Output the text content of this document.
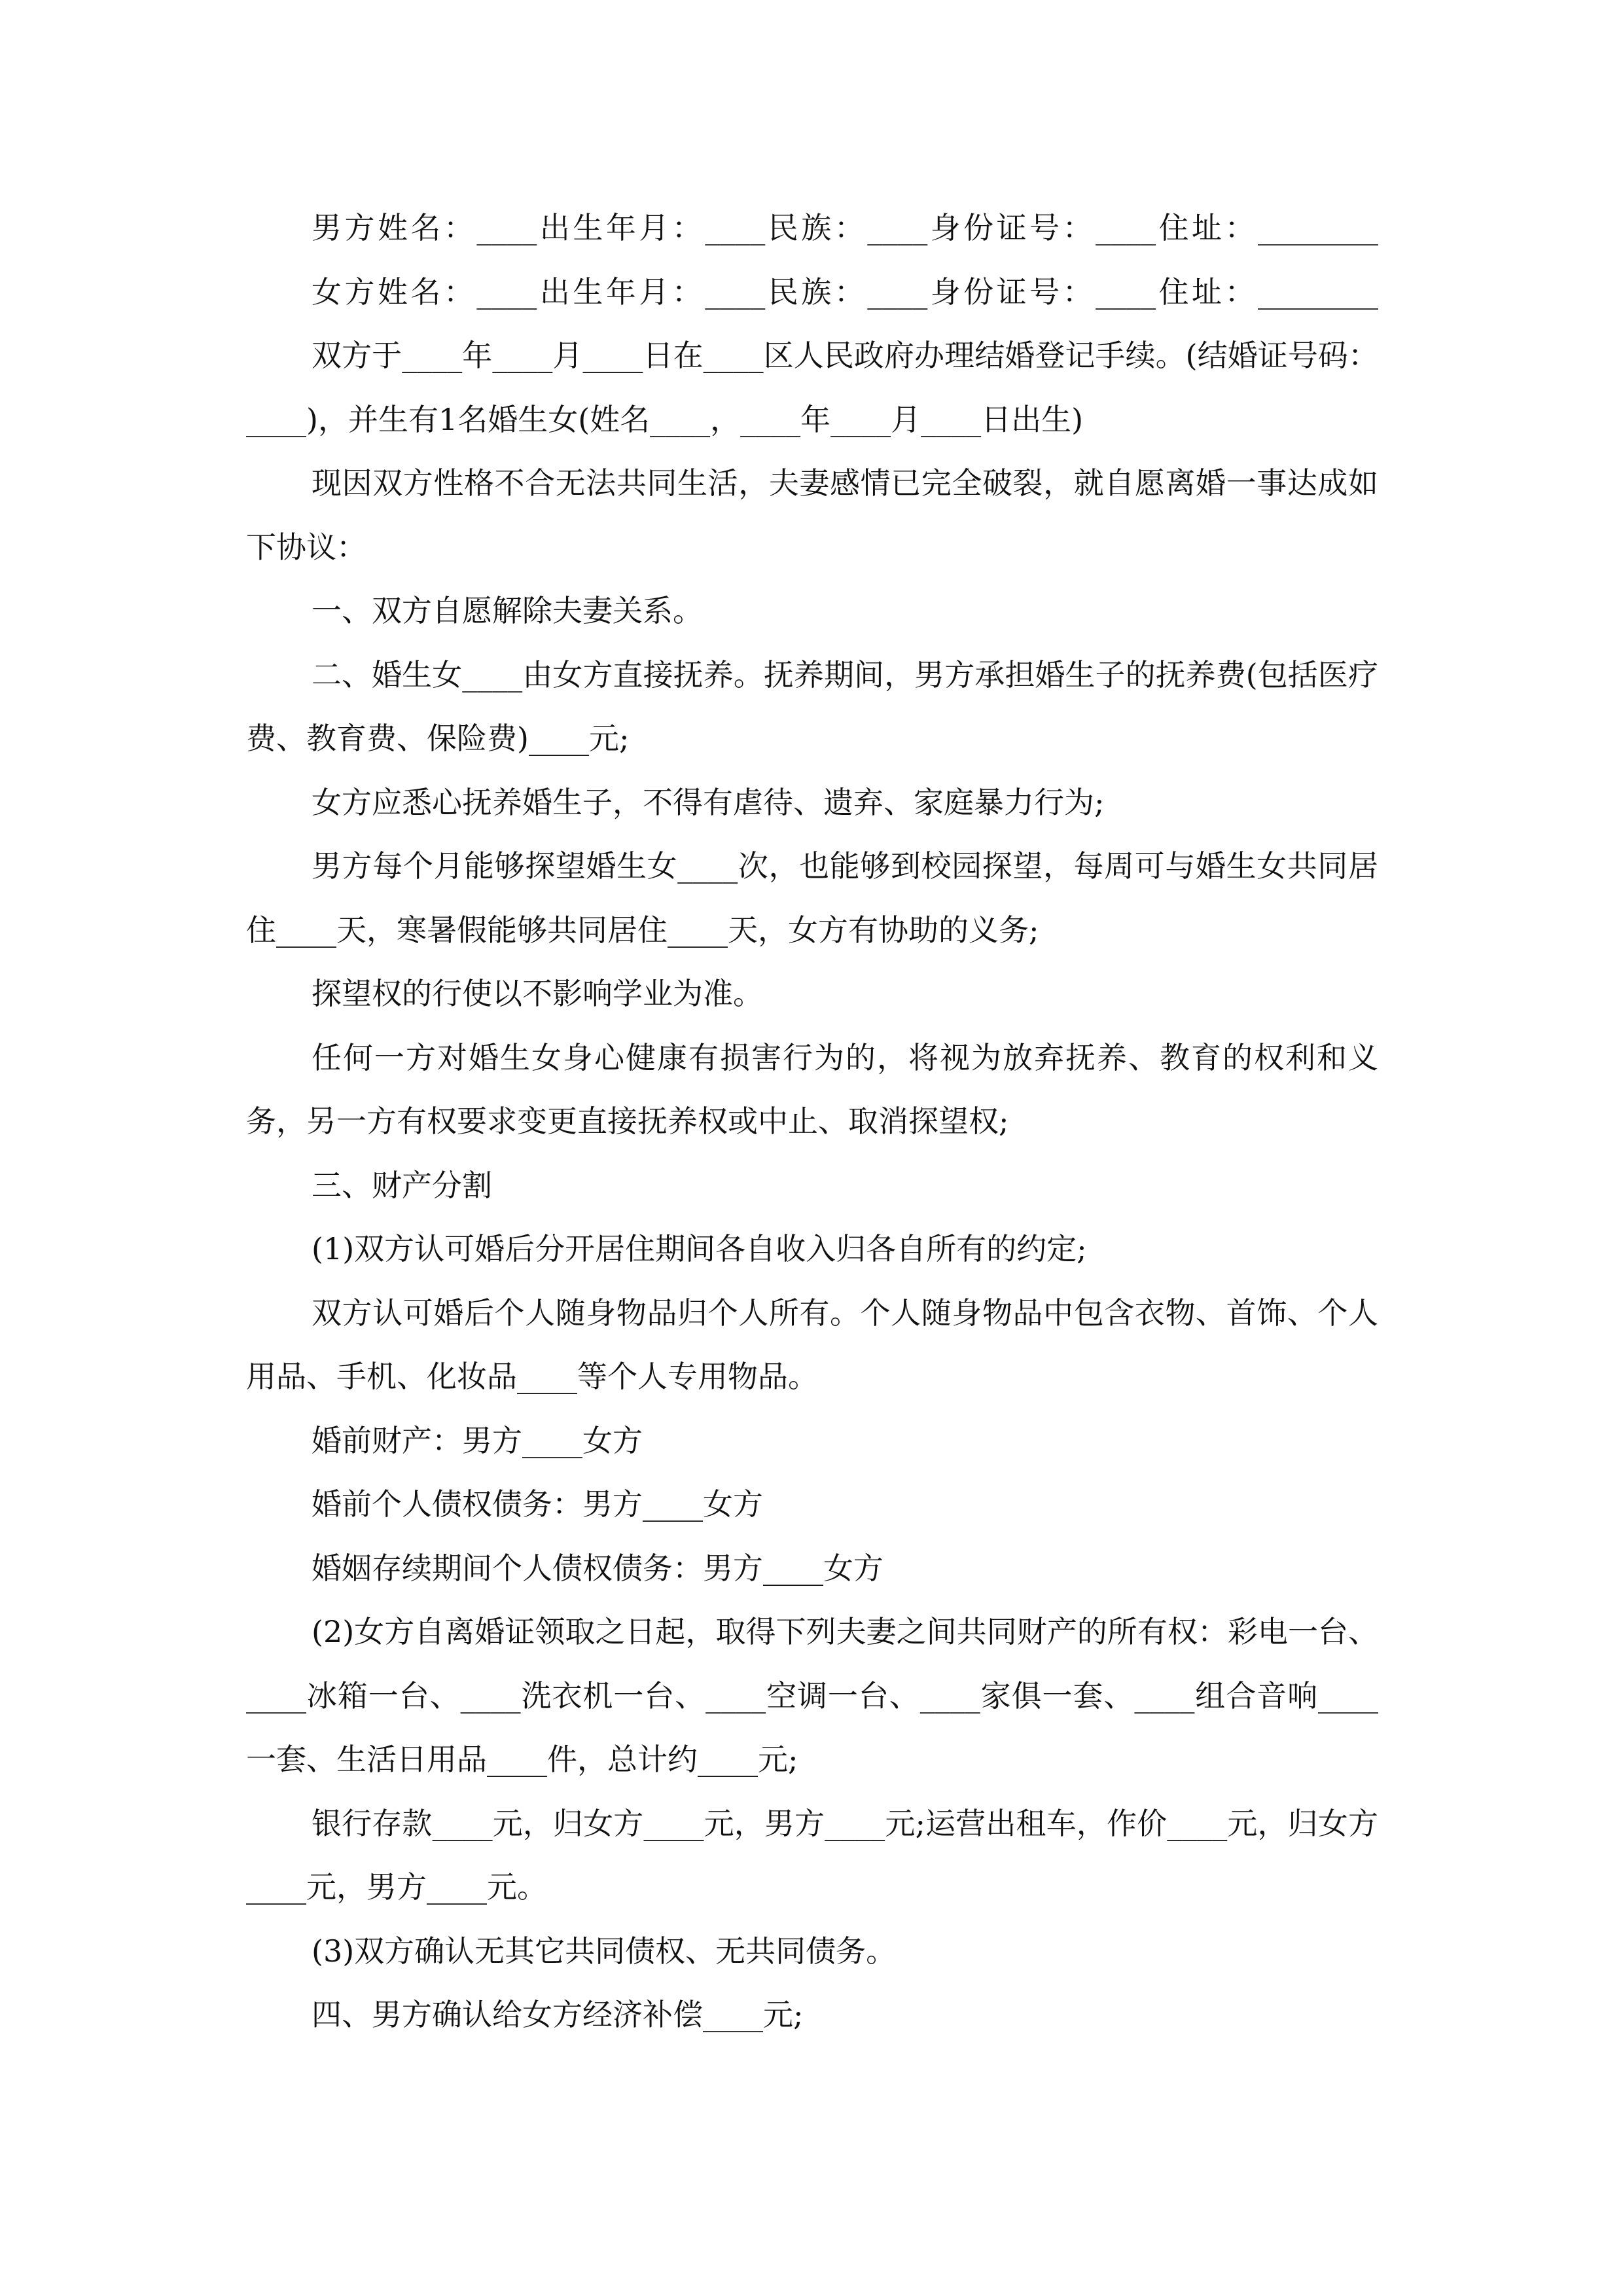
男方姓名：____出生年月：____民族：____身份证号：____住址：________

女方姓名：____出生年月：____民族：____身份证号：____住址：________

双方于____年____月____日在____区人民政府办理结婚登记手续。(结婚证号码：____)，并生有1名婚生女(姓名____，____年____月____日出生)

现因双方性格不合无法共同生活，夫妻感情已完全破裂，就自愿离婚一事达成如下协议：

一、双方自愿解除夫妻关系。

二、婚生女____由女方直接抚养。抚养期间，男方承担婚生子的抚养费(包括医疗费、教育费、保险费)____元;

女方应悉心抚养婚生子，不得有虐待、遗弃、家庭暴力行为;

男方每个月能够探望婚生女____次，也能够到校园探望，每周可与婚生女共同居住____天，寒暑假能够共同居住____天，女方有协助的义务;

探望权的行使以不影响学业为准。

任何一方对婚生女身心健康有损害行为的，将视为放弃抚养、教育的权利和义务，另一方有权要求变更直接抚养权或中止、取消探望权;

三、财产分割

(1)双方认可婚后分开居住期间各自收入归各自所有的约定;

双方认可婚后个人随身物品归个人所有。个人随身物品中包含衣物、首饰、个人用品、手机、化妆品____等个人专用物品。

婚前财产：男方____女方

婚前个人债权债务：男方____女方

婚姻存续期间个人债权债务：男方____女方

(2)女方自离婚证领取之日起，取得下列夫妻之间共同财产的所有权：彩电一台、____冰箱一台、____洗衣机一台、____空调一台、____家俱一套、____组合音响____一套、生活日用品____件，总计约____元;

银行存款____元，归女方____元，男方____元;运营出租车，作价____元，归女方____元，男方____元。

(3)双方确认无其它共同债权、无共同债务。

四、男方确认给女方经济补偿____元;
